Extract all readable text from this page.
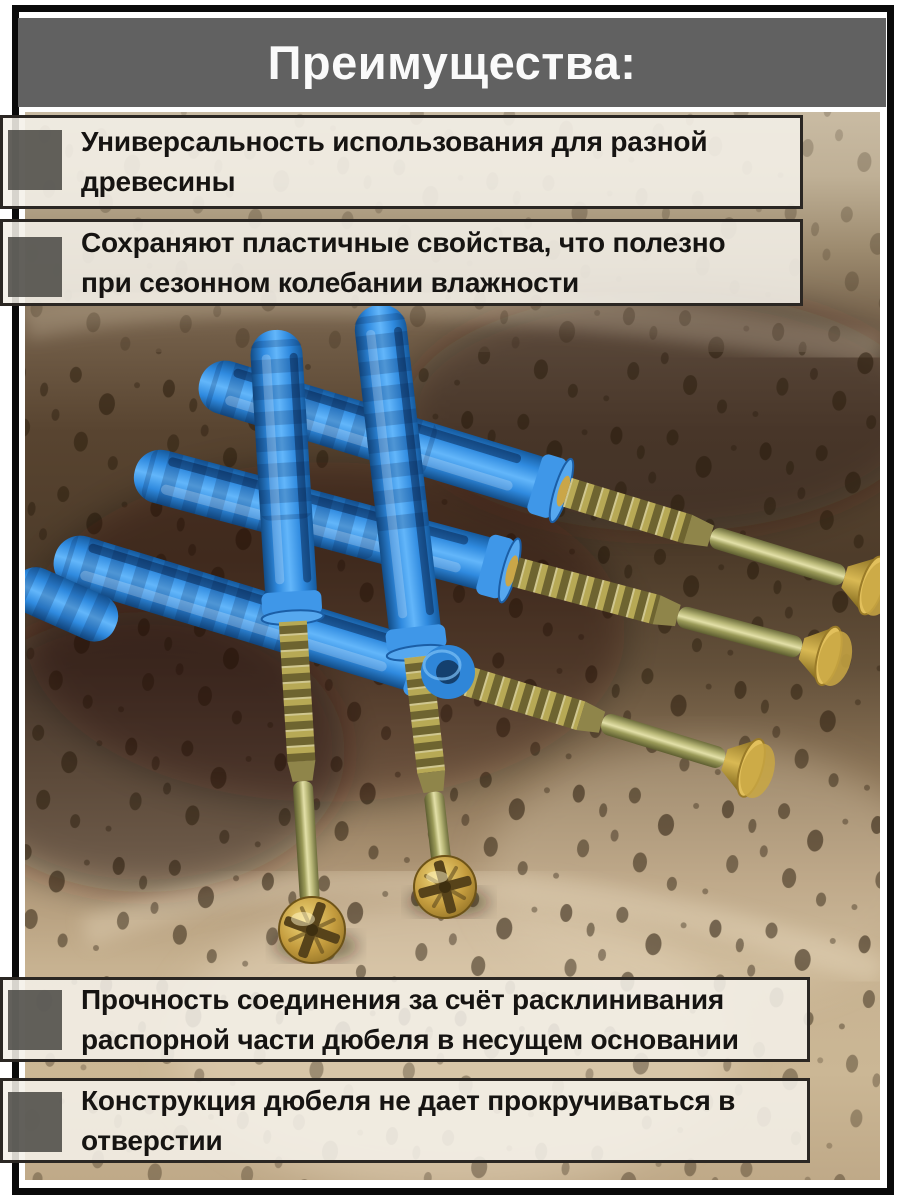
Преимущества:
Универсальность использования для разной
древесины
Сохраняют пластичные свойства, что полезно
при сезонном колебании влажности
Прочность соединения за счёт расклинивания
распорной части дюбеля в несущем основании
Конструкция дюбеля не дает прокручиваться в
отверстии
